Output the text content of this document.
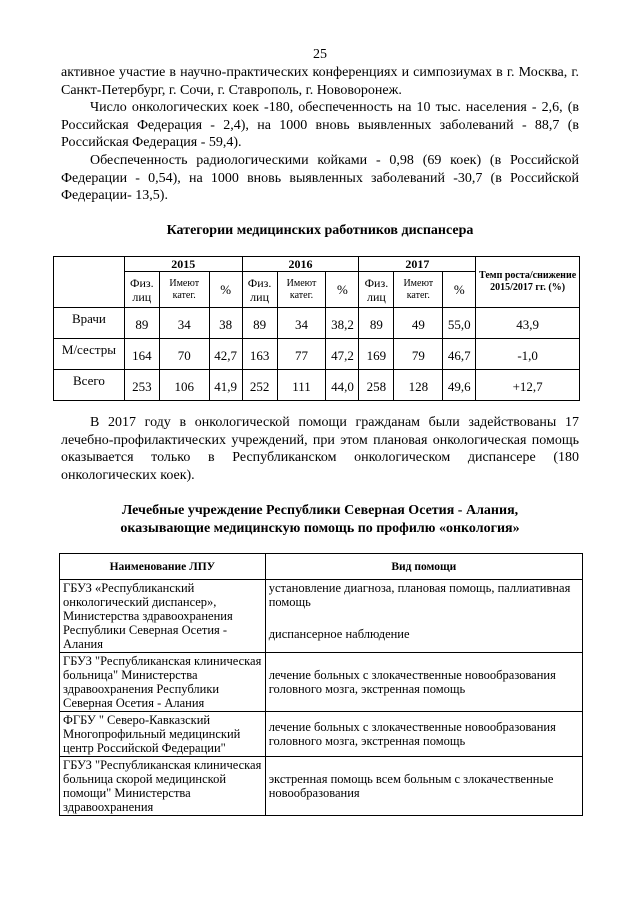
25

активное участие в научно-практических конференциях и симпозиумах в г. Москва, г. Санкт-Петербург, г. Сочи, г. Ставрополь, г. Нововоронеж.

Число онкологических коек -180, обеспеченность на 10 тыс. населения - 2,6, (в Российская Федерация - 2,4), на 1000 вновь выявленных заболеваний - 88,7 (в Российская Федерация - 59,4).

Обеспеченность радиологическими койками - 0,98 (69 коек) (в Российской Федерации - 0,54), на 1000 вновь выявленных заболеваний -30,7 (в Российской Федерации- 13,5).

Категории медицинских работников диспансера

	2015			2016			2017			Темп роста/снижение 2015/2017 гг. (%)
	Физ. лиц	Имеют катег.	%	Физ. лиц	Имеют катег.	%	Физ. лиц	Имеют катег.	%	
Врачи	89	34	38	89	34	38,2	89	49	55,0	43,9
М/сестры	164	70	42,7	163	77	47,2	169	79	46,7	-1,0
Всего	253	106	41,9	252	111	44,0	258	128	49,6	+12,7

В 2017 году в онкологической помощи гражданам были задействованы 17 лечебно-профилактических учреждений, при этом плановая онкологическая помощь оказывается только в Республиканском онкологическом диспансере (180 онкологических коек).

Лечебные учреждение Республики Северная Осетия - Алания,

оказывающие медицинскую помощь по профилю «онкология»

Наименование ЛПУ	Вид помощи
ГБУЗ «Республиканский онкологический диспансер», Министерства здравоохранения Республики Северная Осетия - Алания	установление диагноза, плановая помощь, паллиативная помощь
диспансерное наблюдение
ГБУЗ "Республиканская клиническая больница" Министерства здравоохранения Республики Северная Осетия - Алания	лечение больных с злокачественные новообразования головного мозга, экстренная помощь
ФГБУ " Северо-Кавказский Многопрофильный медицинский центр Российской Федерации"	лечение больных с злокачественные новообразования головного мозга, экстренная помощь
ГБУЗ "Республиканская клиническая больница скорой медицинской помощи" Министерства здравоохранения	экстренная помощь всем больным с злокачественные новообразования
